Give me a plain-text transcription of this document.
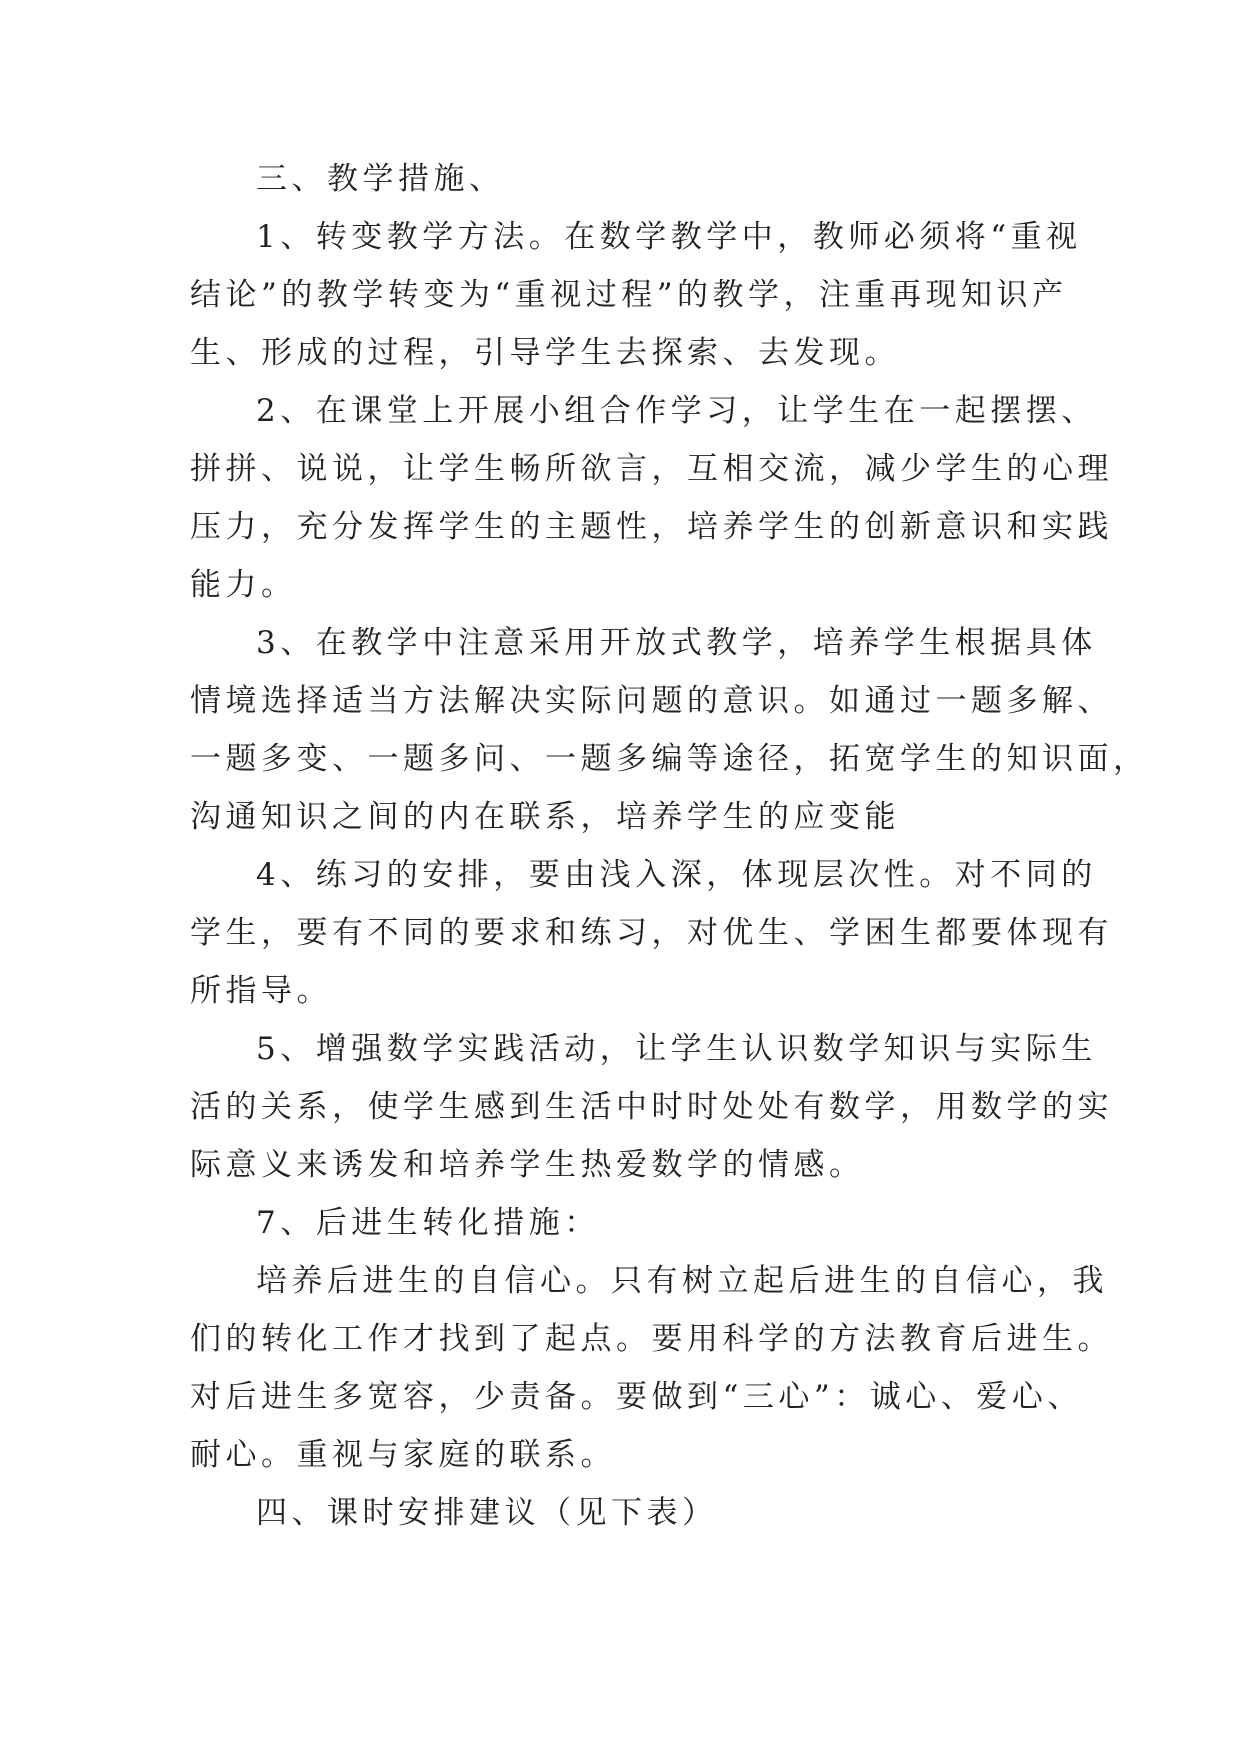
三、教学措施、

1、转变教学方法。在数学教学中，教师必须将“重视
结论”的教学转变为“重视过程”的教学，注重再现知识产
生、形成的过程，引导学生去探索、去发现。

2、在课堂上开展小组合作学习，让学生在一起摆摆、
拼拼、说说，让学生畅所欲言，互相交流，减少学生的心理
压力，充分发挥学生的主题性，培养学生的创新意识和实践
能力。

3、在教学中注意采用开放式教学，培养学生根据具体
情境选择适当方法解决实际问题的意识。如通过一题多解、
一题多变、一题多问、一题多编等途径，拓宽学生的知识面，
沟通知识之间的内在联系，培养学生的应变能

4、练习的安排，要由浅入深，体现层次性。对不同的
学生，要有不同的要求和练习，对优生、学困生都要体现有
所指导。

5、增强数学实践活动，让学生认识数学知识与实际生
活的关系，使学生感到生活中时时处处有数学，用数学的实
际意义来诱发和培养学生热爱数学的情感。

7、后进生转化措施：

培养后进生的自信心。只有树立起后进生的自信心，我
们的转化工作才找到了起点。要用科学的方法教育后进生。
对后进生多宽容，少责备。要做到“三心”：诚心、爱心、
耐心。重视与家庭的联系。

四、课时安排建议（见下表）
